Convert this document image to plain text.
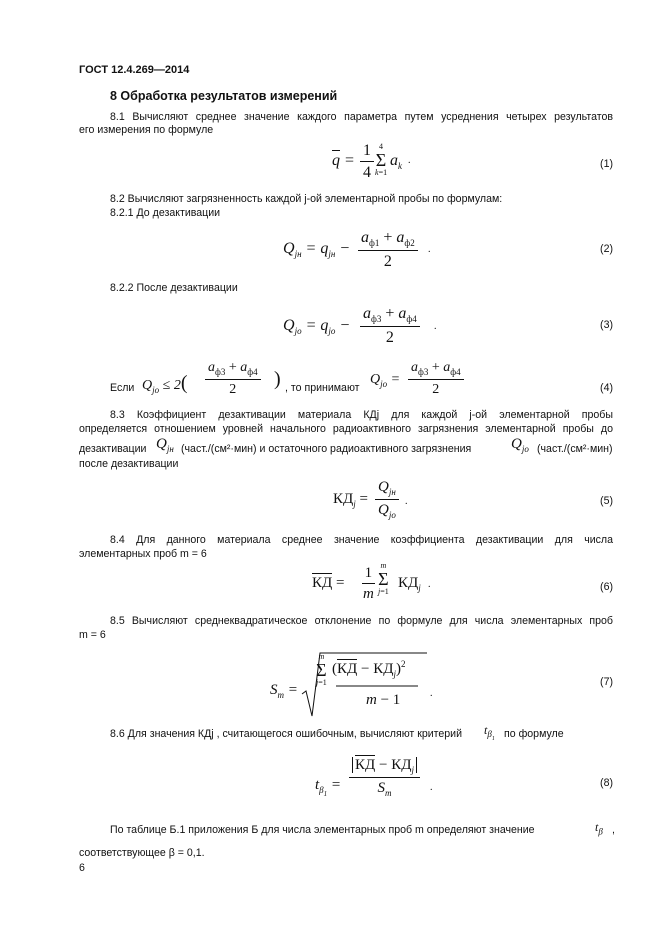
ГОСТ 12.4.269—2014
8 Обработка результатов измерений
8.1 Вычисляют среднее значение каждого параметра путем усреднения четырех результатов
его измерения по формуле
$q = \frac{1}{4} 4$
Σ
k=1
$a_k$
.	(1)
8.2 Вычисляют загрязненность каждой j-ой элементарной пробы по формулам:
8.2.1 До дезактивации
$Q_{jн} = q_{jн} - \frac{a_{ф1} + a_{ф2}}{2}$ .	(2)
8.2.2 После дезактивации
$Q_{jо} = q_{jо} - \frac{a_{ф3} + a_{ф4}}{2}$ .	(3)
Если $Q_{jо} \le 2( \frac{a_{ф3} + a_{ф4}}{2}$ )	$Q_{jо} = \frac{a_{ф3} + a_{ф4}}{2}$
, то принимают	(4)
8.3 Коэффициент дезактивации материала КДj для каждой j-ой элементарной пробы
определяется отношением уровней начального радиоактивного загрязнения элементарной пробы до
дезактивации $Q_{jн}$ (част./(см²·мин) и остаточного радиоактивного загрязнения	$Q_{jо}$ (част./(см²·мин)
после дезактивации
$КД_j = \frac{Q_{jн}}{Q_{jо}}$ .	(5)
8.4 Для данного материала среднее значение коэффициента дезактивации для числа
элементарных проб m = 6
КД = $\frac{1}{m}$
m
Σ
j=1
$КД_j$ .	(6)
8.5 Вычисляют среднеквадратическое отклонение по формуле для числа элементарных проб
m = 6
$S_m$ =
m
Σ
j=1
$(КД - КД_j)^2$
m − 1	.
(7)
8.6 Для значения КДj , считающегося ошибочным, вычисляют критерий $t_{\beta_1}$ по формуле
$t_{\beta_1} = \frac{КД - КД_j}{S_m}$ .	(8)
По таблице Б.1 приложения Б для числа элементарных проб m определяют значение	$t_\beta$ ,
соответствующее β = 0,1.
6
